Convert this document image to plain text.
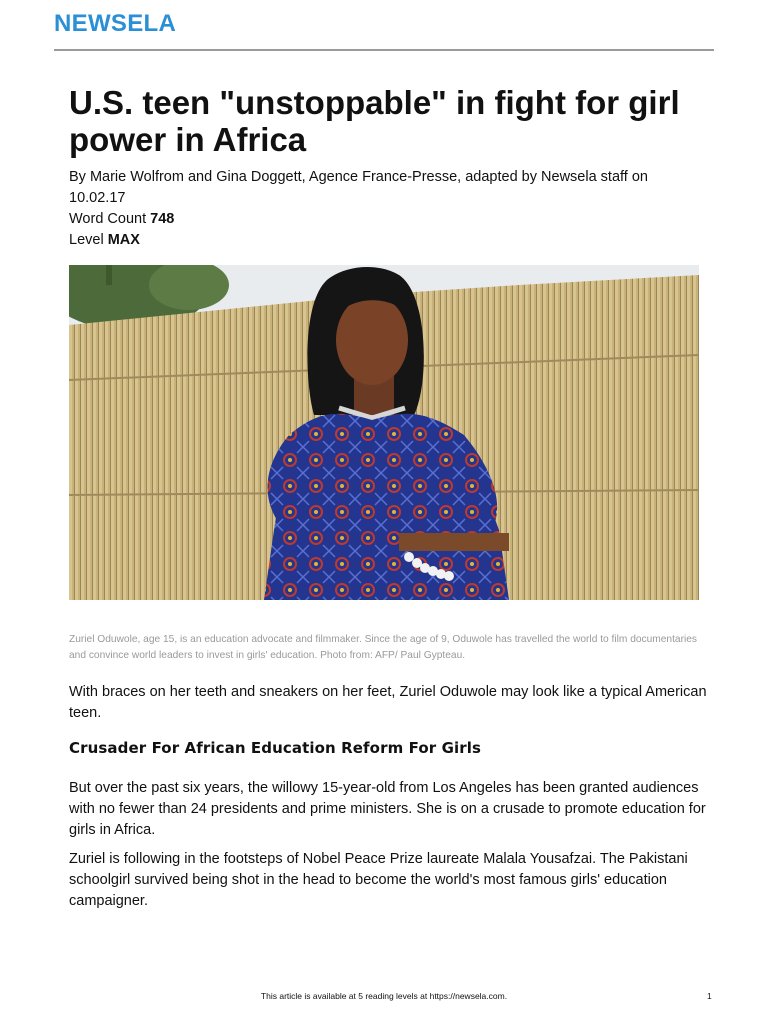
NEWSELA
U.S. teen "unstoppable" in fight for girl power in Africa
By Marie Wolfrom and Gina Doggett, Agence France-Presse, adapted by Newsela staff on 10.02.17
Word Count 748
Level MAX
Zuriel Oduwole, age 15, is an education advocate and filmmaker. Since the age of 9, Oduwole has travelled the world to film documentaries and convince world leaders to invest in girls' education. Photo from: AFP/ Paul Gypteau.

With braces on her teeth and sneakers on her feet, Zuriel Oduwole may look like a typical American teen.

Crusader For African Education Reform For Girls

But over the past six years, the willowy 15-year-old from Los Angeles has been granted audiences with no fewer than 24 presidents and prime ministers. She is on a crusade to promote education for girls in Africa.

Zuriel is following in the footsteps of Nobel Peace Prize laureate Malala Yousafzai. The Pakistani schoolgirl survived being shot in the head to become the world's most famous girls' education campaigner.

This article is available at 5 reading levels at https://newsela.com.	1
